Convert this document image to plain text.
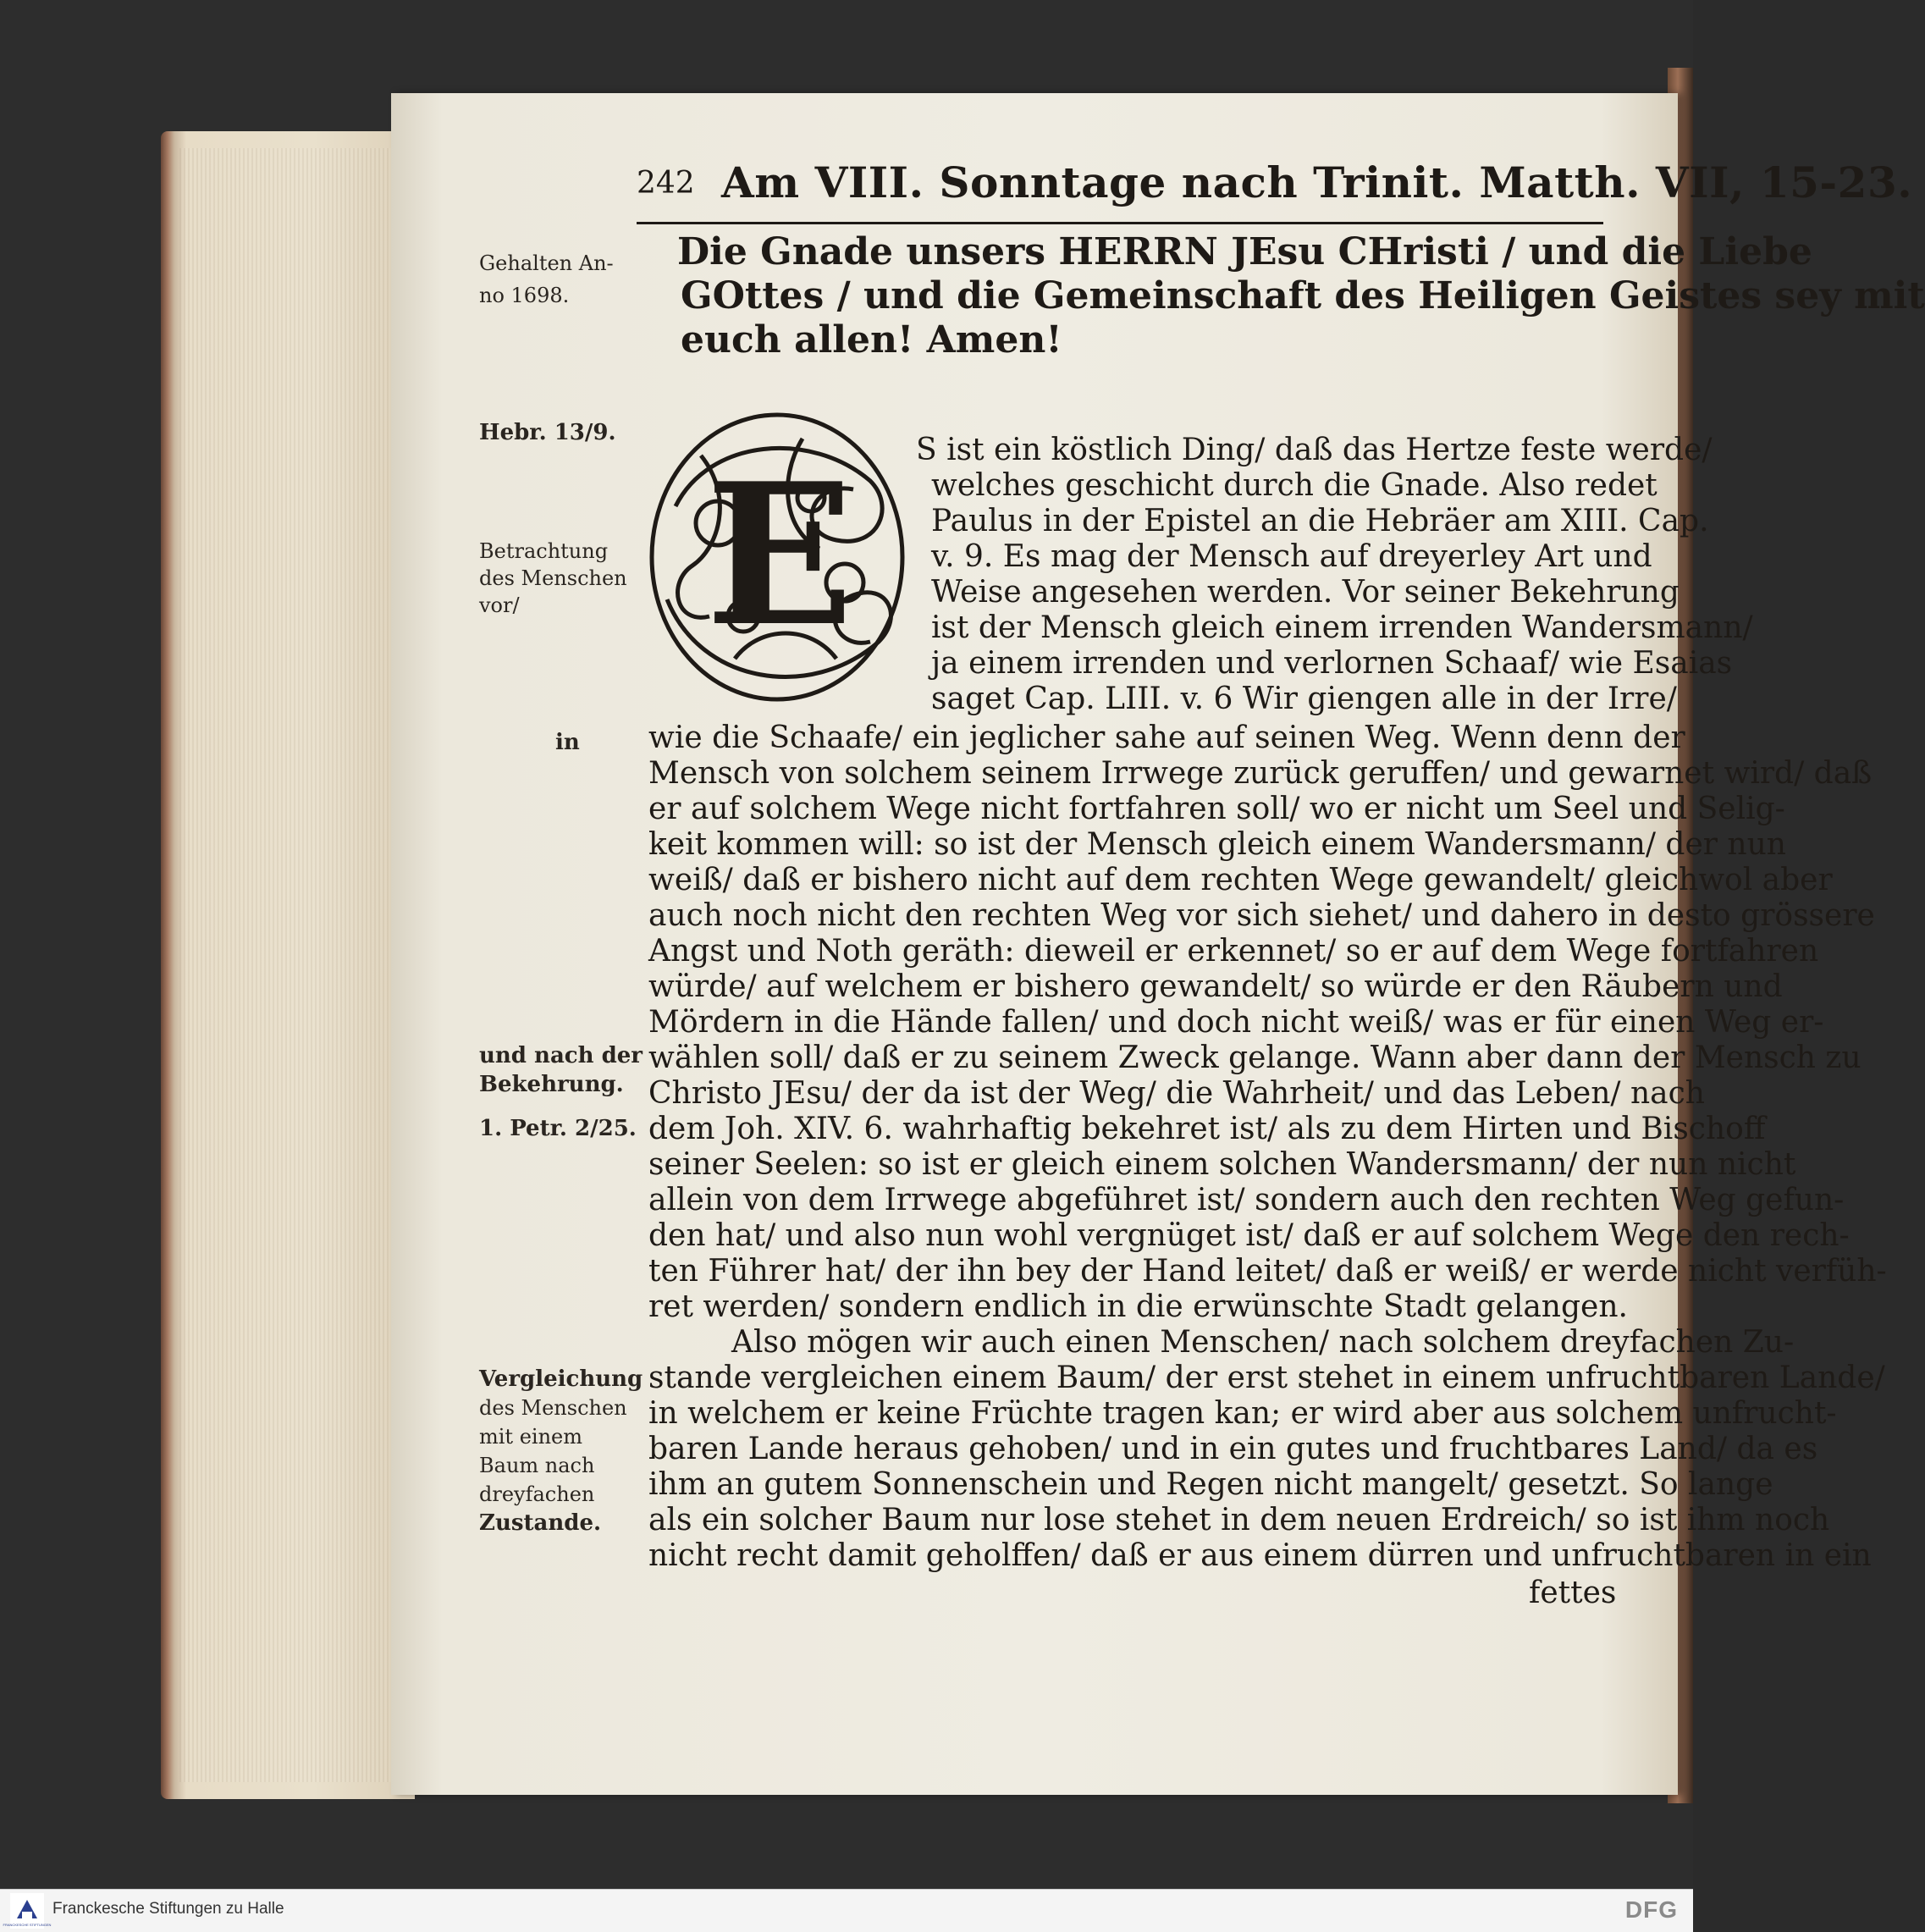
242 Am VIII. Sonntage nach Trinit. Matth. VII, 15-23.
Die Gnade unsers HERRN JEsu CHristi / und die Liebe
GOttes / und die Gemeinschaft des Heiligen Geistes sey mit
euch allen! Amen!
E S ist ein köstlich Ding/ daß das Hertze feste werde/
welches geschicht durch die Gnade. Also redet
Paulus in der Epistel an die Hebräer am XIII. Cap.
v. 9. Es mag der Mensch auf dreyerley Art und
Weise angesehen werden. Vor seiner Bekehrung
ist der Mensch gleich einem irrenden Wandersmann/
ja einem irrenden und verlornen Schaaf/ wie Esaias
saget Cap. LIII. v. 6 Wir giengen alle in der Irre/
wie die Schaafe/ ein jeglicher sahe auf seinen Weg. Wenn denn der
Mensch von solchem seinem Irrwege zurück geruffen/ und gewarnet wird/ daß
er auf solchem Wege nicht fortfahren soll/ wo er nicht um Seel und Selig-
keit kommen will: so ist der Mensch gleich einem Wandersmann/ der nun
weiß/ daß er bishero nicht auf dem rechten Wege gewandelt/ gleichwol aber
auch noch nicht den rechten Weg vor sich siehet/ und dahero in desto grössere
Angst und Noth geräth: dieweil er erkennet/ so er auf dem Wege fortfahren
würde/ auf welchem er bishero gewandelt/ so würde er den Räubern und
Mördern in die Hände fallen/ und doch nicht weiß/ was er für einen Weg er-
wählen soll/ daß er zu seinem Zweck gelange. Wann aber dann der Mensch zu
Christo JEsu/ der da ist der Weg/ die Wahrheit/ und das Leben/ nach
dem Joh. XIV. 6. wahrhaftig bekehret ist/ als zu dem Hirten und Bischoff
seiner Seelen: so ist er gleich einem solchen Wandersmann/ der nun nicht
allein von dem Irrwege abgeführet ist/ sondern auch den rechten Weg gefun-
den hat/ und also nun wohl vergnüget ist/ daß er auf solchem Wege den rech-
ten Führer hat/ der ihn bey der Hand leitet/ daß er weiß/ er werde nicht verfüh-
ret werden/ sondern endlich in die erwünschte Stadt gelangen.
Also mögen wir auch einen Menschen/ nach solchem dreyfachen Zu-
stande vergleichen einem Baum/ der erst stehet in einem unfruchtbaren Lande/
in welchem er keine Früchte tragen kan; er wird aber aus solchem unfrucht-
baren Lande heraus gehoben/ und in ein gutes und fruchtbares Land/ da es
ihm an gutem Sonnenschein und Regen nicht mangelt/ gesetzt. So lange
als ein solcher Baum nur lose stehet in dem neuen Erdreich/ so ist ihm noch
nicht recht damit geholffen/ daß er aus einem dürren und unfruchtbaren in ein
fettes
Gehalten An-
no 1698.
Hebr. 13/9.
Betrachtung
des Menschen
vor/
in
und nach der
Bekehrung.
1. Petr. 2/25.
Vergleichung
des Menschen
mit einem
Baum nach
dreyfachen
Zustande.
FRANCKESCHE STIFTUNGEN
Franckesche Stiftungen zu Halle	DFG
